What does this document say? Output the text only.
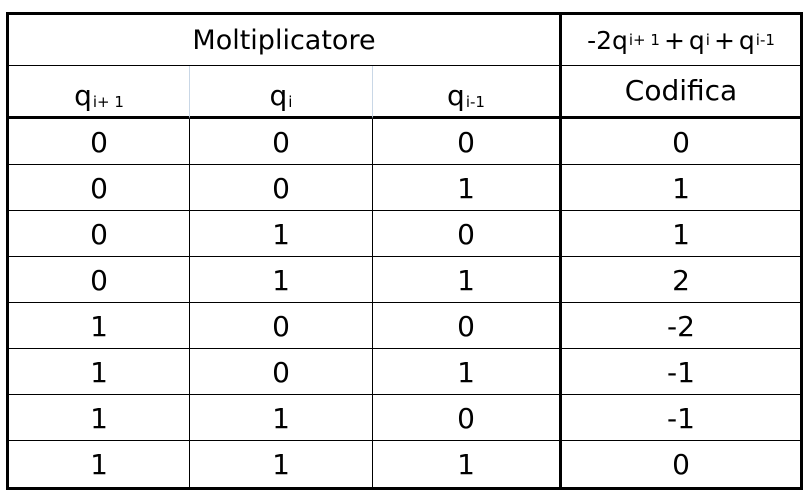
Moltiplicatore	-2q i+ 1 + q i + q i-1
q i+ 1	q i	q i-1	Codifica
0	0	0	0
0	0	1	1
0	1	0	1
0	1	1	2
1	0	0	-2
1	0	1	-1
1	1	0	-1
1	1	1	0
